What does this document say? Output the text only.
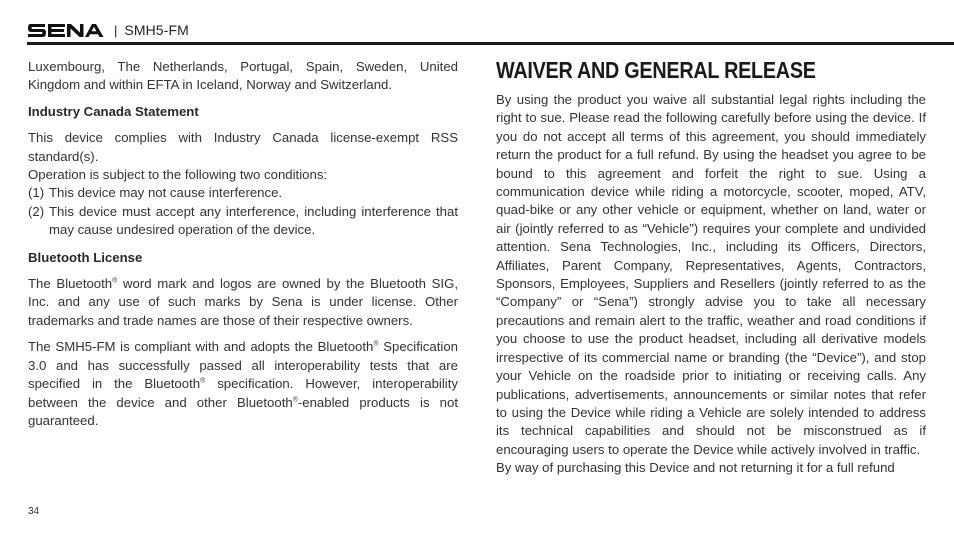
| SMH5-FM

Luxembourg, The Netherlands, Portugal, Spain, Sweden, United Kingdom and within EFTA in Iceland, Norway and Switzerland.

Industry Canada Statement

This device complies with Industry Canada license-exempt RSS standard(s).

Operation is subject to the following two conditions:

(1) This device may not cause interference.
(2) This device must accept any interference, including interference that may cause undesired operation of the device.
Bluetooth License

The Bluetooth® word mark and logos are owned by the Bluetooth SIG, Inc. and any use of such marks by Sena is under license. Other trademarks and trade names are those of their respective owners.

The SMH5-FM is compliant with and adopts the Bluetooth® Specification 3.0 and has successfully passed all interoperability tests that are specified in the Bluetooth® specification. However, interoperability between the device and other Bluetooth®-enabled products is not guaranteed.

WAIVER AND GENERAL RELEASE

By using the product you waive all substantial legal rights including the right to sue. Please read the following carefully before using the device. If you do not accept all terms of this agreement, you should immediately return the product for a full refund. By using the headset you agree to be bound to this agreement and forfeit the right to sue. Using a communication device while riding a motorcycle, scooter, moped, ATV, quad-bike or any other vehicle or equipment, whether on land, water or air (jointly referred to as “Vehicle”) requires your complete and undivided attention. Sena Technologies, Inc., including its Officers, Directors, Affiliates, Parent Company, Representatives, Agents, Contractors, Sponsors, Employees, Suppliers and Resellers (jointly referred to as the “Company” or “Sena”) strongly advise you to take all necessary precautions and remain alert to the traffic, weather and road conditions if you choose to use the product headset, including all derivative models irrespective of its commercial name or branding (the “Device”), and stop your Vehicle on the roadside prior to initiating or receiving calls. Any publications, advertisements, announcements or similar notes that refer to using the Device while riding a Vehicle are solely intended to address its technical capabilities and should not be misconstrued as if encouraging users to operate the Device while actively involved in traffic.

By way of purchasing this Device and not returning it for a full refund

34
